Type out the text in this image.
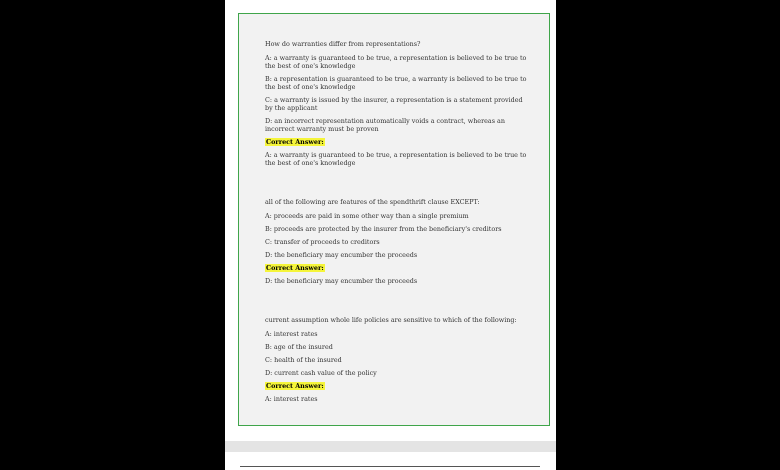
How do warranties differ from representations?
A: a warranty is guaranteed to be true, a representation is believed to be true to the best of one's knowledge
B: a representation is guaranteed to be true, a warranty is believed to be true to the best of one's knowledge
C: a warranty is issued by the insurer, a representation is a statement provided by the applicant
D: an incorrect representation automatically voids a contract, whereas an incorrect warranty must be proven
Correct Answer:
A: a warranty is guaranteed to be true, a representation is believed to be true to the best of one's knowledge
all of the following are features of the spendthrift clause EXCEPT:
A: proceeds are paid in some other way than a single premium
B: proceeds are protected by the insurer from the beneficiary's creditors
C: transfer of proceeds to creditors
D: the beneficiary may encumber the proceeds
Correct Answer:
D: the beneficiary may encumber the proceeds
current assumption whole life policies are sensitive to which of the following:
A: interest rates
B: age of the insured
C: health of the insured
D: current cash value of the policy
Correct Answer:
A: interest rates
